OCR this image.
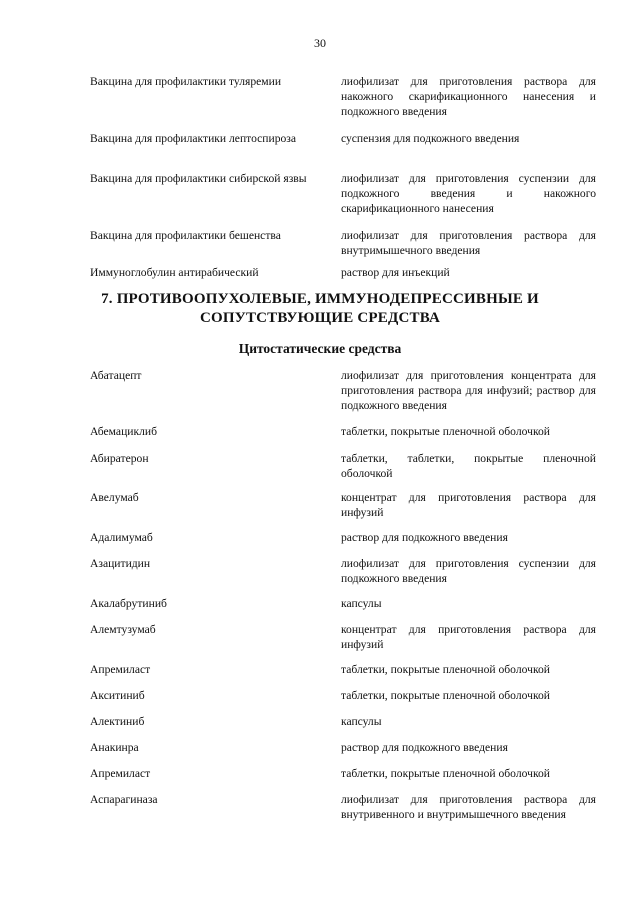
30
Вакцина для профилактики туляремии	лиофилизат для приготовления раствора для накожного скарификационного нанесения и подкожного введения
Вакцина для профилактики лептоспироза	суспензия для подкожного введения
Вакцина для профилактики сибирской язвы	лиофилизат для приготовления суспензии для подкожного введения и накожного скарификационного нанесения
Вакцина для профилактики бешенства	лиофилизат для приготовления раствора для внутримышечного введения
Иммуноглобулин антирабический	раствор для инъекций
7. ПРОТИВООПУХОЛЕВЫЕ, ИММУНОДЕПРЕССИВНЫЕ И
СОПУТСТВУЮЩИЕ СРЕДСТВА
Цитостатические средства
Абатацепт	лиофилизат для приготовления концентрата для приготовления раствора для инфузий; раствор для подкожного введения
Абемациклиб	таблетки, покрытые пленочной оболочкой
Абиратерон	таблетки, таблетки, покрытые пленочной оболочкой
Авелумаб	концентрат для приготовления раствора для инфузий
Адалимумаб	раствор для подкожного введения
Азацитидин	лиофилизат для приготовления суспензии для подкожного введения
Акалабрутиниб	капсулы
Алемтузумаб	концентрат для приготовления раствора для инфузий
Апремиласт	таблетки, покрытые пленочной оболочкой
Акситиниб	таблетки, покрытые пленочной оболочкой
Алектиниб	капсулы
Анакинра	раствор для подкожного введения
Апремиласт	таблетки, покрытые пленочной оболочкой
Аспарагиназа	лиофилизат для приготовления раствора для внутривенного и внутримышечного введения
